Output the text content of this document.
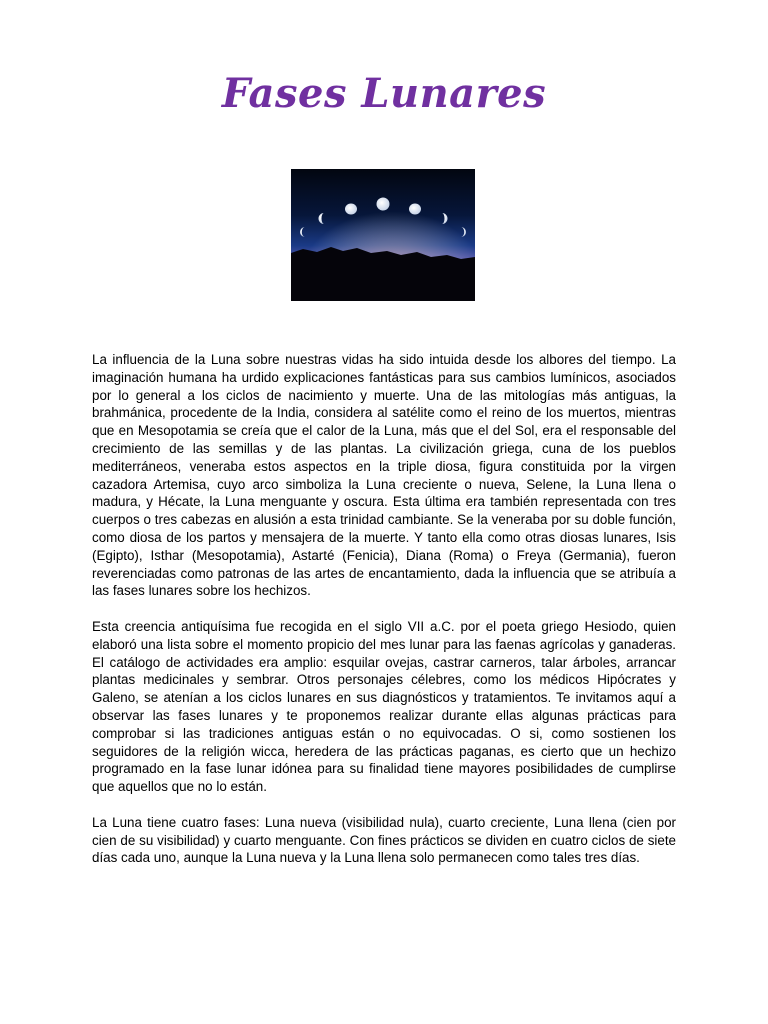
Fases Lunares

La influencia de la Luna sobre nuestras vidas ha sido intuida desde los albores del tiempo. La imaginación humana ha urdido explicaciones fantásticas para sus cambios lumínicos, asociados por lo general a los ciclos de nacimiento y muerte. Una de las mitologías más antiguas, la brahmánica, procedente de la India, considera al satélite como el reino de los muertos, mientras que en Mesopotamia se creía que el calor de la Luna, más que el del Sol, era el responsable del crecimiento de las semillas y de las plantas. La civilización griega, cuna de los pueblos mediterráneos, veneraba estos aspectos en la triple diosa, figura constituida por la virgen cazadora Artemisa, cuyo arco simboliza la Luna creciente o nueva, Selene, la Luna llena o madura, y Hécate, la Luna menguante y oscura. Esta última era también representada con tres cuerpos o tres cabezas en alusión a esta trinidad cambiante. Se la veneraba por su doble función, como diosa de los partos y mensajera de la muerte. Y tanto ella como otras diosas lunares, Isis (Egipto), Isthar (Mesopotamia), Astarté (Fenicia), Diana (Roma) o Freya (Germania), fueron reverenciadas como patronas de las artes de encantamiento, dada la influencia que se atribuía a las fases lunares sobre los hechizos.

Esta creencia antiquísima fue recogida en el siglo VII a.C. por el poeta griego Hesiodo, quien elaboró una lista sobre el momento propicio del mes lunar para las faenas agrícolas y ganaderas. El catálogo de actividades era amplio: esquilar ovejas, castrar carneros, talar árboles, arrancar plantas medicinales y sembrar. Otros personajes célebres, como los médicos Hipócrates y Galeno, se atenían a los ciclos lunares en sus diagnósticos y tratamientos. Te invitamos aquí a observar las fases lunares y te proponemos realizar durante ellas algunas prácticas para comprobar si las tradiciones antiguas están o no equivocadas. O si, como sostienen los seguidores de la religión wicca, heredera de las prácticas paganas, es cierto que un hechizo programado en la fase lunar idónea para su finalidad tiene mayores posibilidades de cumplirse que aquellos que no lo están.

La Luna tiene cuatro fases: Luna nueva (visibilidad nula), cuarto creciente, Luna llena (cien por cien de su visibilidad) y cuarto menguante. Con fines prácticos se dividen en cuatro ciclos de siete días cada uno, aunque la Luna nueva y la Luna llena solo permanecen como tales tres días.
